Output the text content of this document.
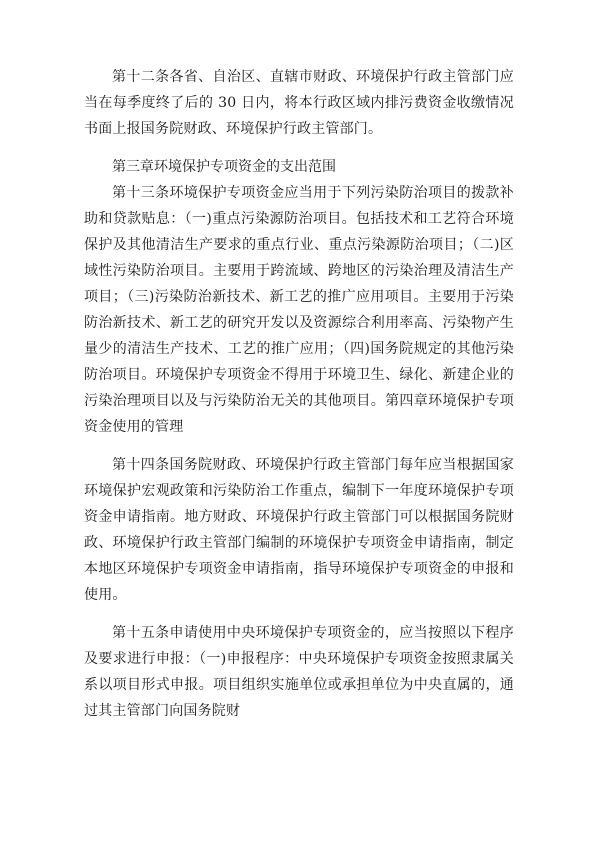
第十二条各省、自治区、直辖市财政、环境保护行政主管部门应当在每季度终了后的 30 日内，将本行政区域内排污费资金收缴情况书面上报国务院财政、环境保护行政主管部门。

第三章环境保护专项资金的支出范围

第十三条环境保护专项资金应当用于下列污染防治项目的拨款补助和贷款贴息：（一)重点污染源防治项目。包括技术和工艺符合环境保护及其他清洁生产要求的重点行业、重点污染源防治项目；（二)区域性污染防治项目。主要用于跨流域、跨地区的污染治理及清洁生产项目；（三)污染防治新技术、新工艺的推广应用项目。主要用于污染防治新技术、新工艺的研究开发以及资源综合利用率高、污染物产生量少的清洁生产技术、工艺的推广应用；（四)国务院规定的其他污染防治项目。环境保护专项资金不得用于环境卫生、绿化、新建企业的污染治理项目以及与污染防治无关的其他项目。第四章环境保护专项资金使用的管理

第十四条国务院财政、环境保护行政主管部门每年应当根据国家环境保护宏观政策和污染防治工作重点，编制下一年度环境保护专项资金申请指南。地方财政、环境保护行政主管部门可以根据国务院财政、环境保护行政主管部门编制的环境保护专项资金申请指南，制定本地区环境保护专项资金申请指南，指导环境保护专项资金的申报和使用。

第十五条申请使用中央环境保护专项资金的，应当按照以下程序及要求进行申报：（一)申报程序：中央环境保护专项资金按照隶属关系以项目形式申报。项目组织实施单位或承担单位为中央直属的，通过其主管部门向国务院财
